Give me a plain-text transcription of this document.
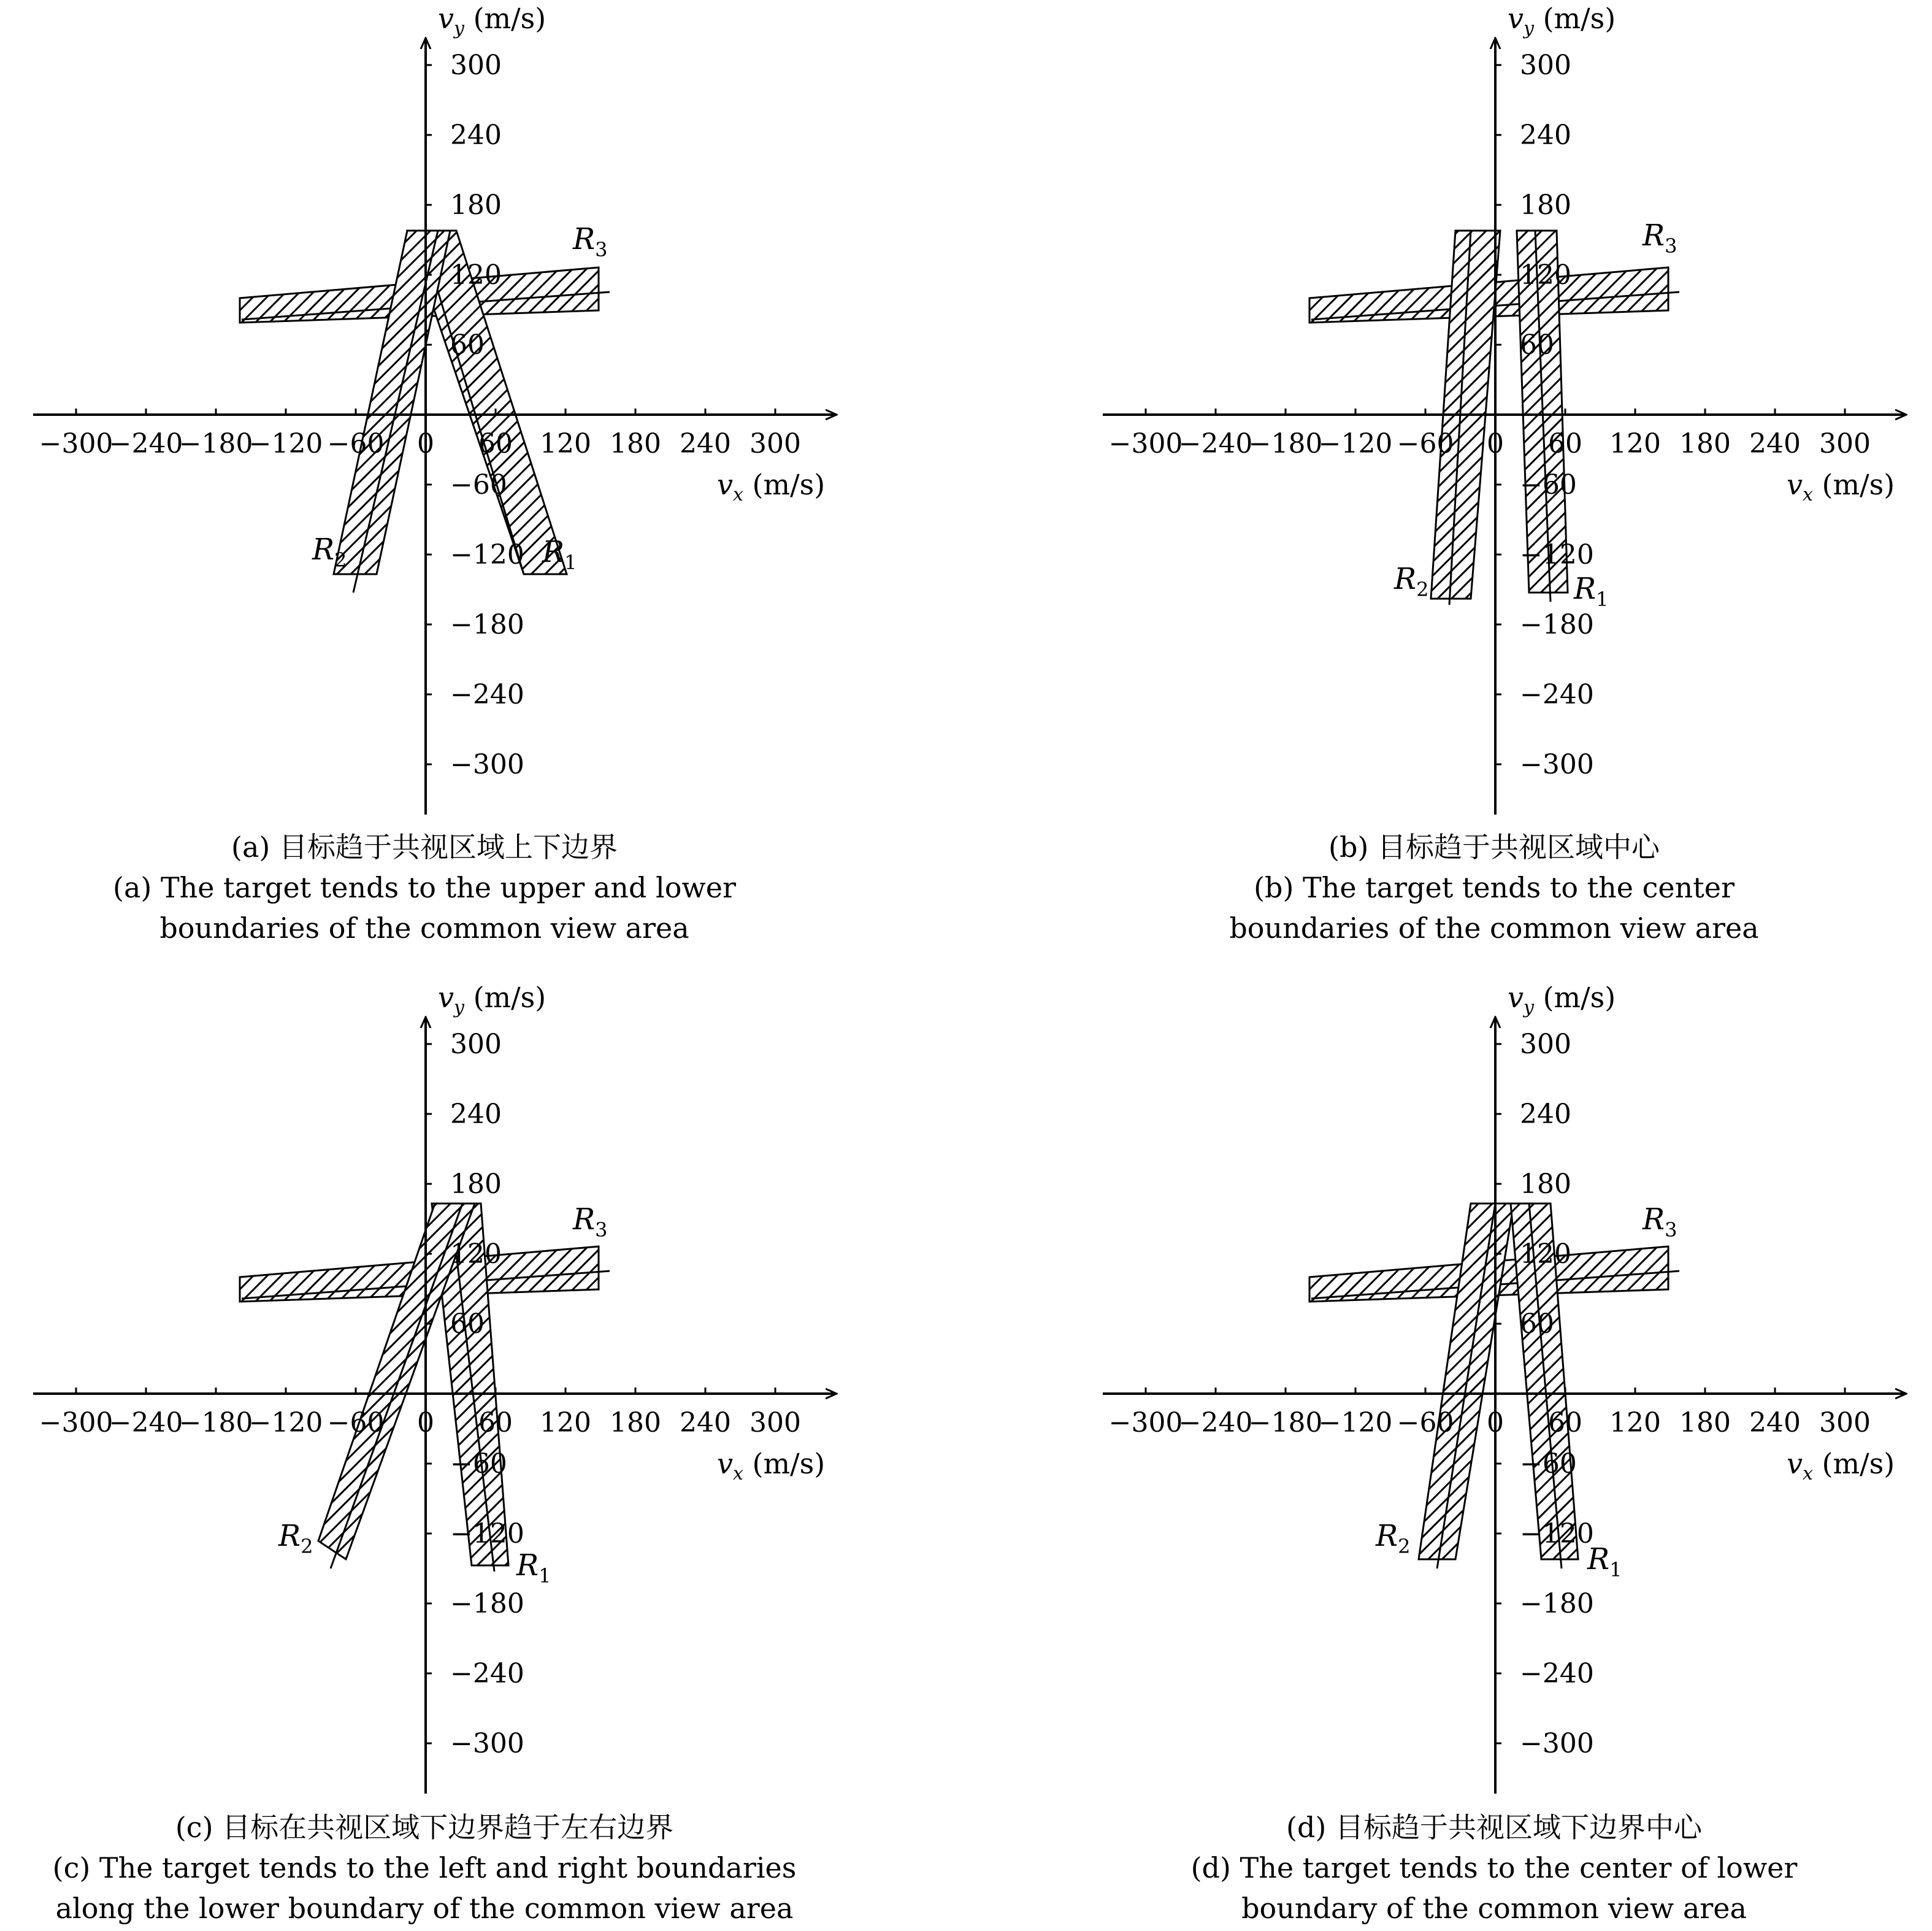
$R_3$
$R_1$
$R_2$
−300
−240
−180
−120 −60 0 60 120 180 240 300
300
240
180
120
60
−60
−120
−180
−240
−300
$v_x$ (m/s)
$v_y$ (m/s)
$R_3$
$R_2$	$R_1$
−300
−240
−180
−120 −60 0 60 120 180 240 300
300
240
180
120
60
−60
−120
−180
−240
−300
$v_x$ (m/s)
$v_y$ (m/s)
$R_3$
$R_1$
$R_2$
−300
−240
−180
−120 −60 0 60 120 180 240 300
300
240
180
120
60
−60
−120
−180
−240
−300
$v_x$ (m/s)
$v_y$ (m/s)
$R_3$
$R_2$	$R_1$
−300
−240
−180
−120 −60 0 60 120 180 240 300
300
240
180
120
60
−60
−120
−180
−240
−300
$v_x$ (m/s)
$v_y$ (m/s)
(a) 目标趋于共视区域上下边界
(a) The target tends to the upper and lower
boundaries of the common view area
(b) 目标趋于共视区域中心
(b) The target tends to the center
boundaries of the common view area
(c) 目标在共视区域下边界趋于左右边界
(c) The target tends to the left and right boundaries
along the lower boundary of the common view area
(d) 目标趋于共视区域下边界中心
(d) The target tends to the center of lower
boundary of the common view area
